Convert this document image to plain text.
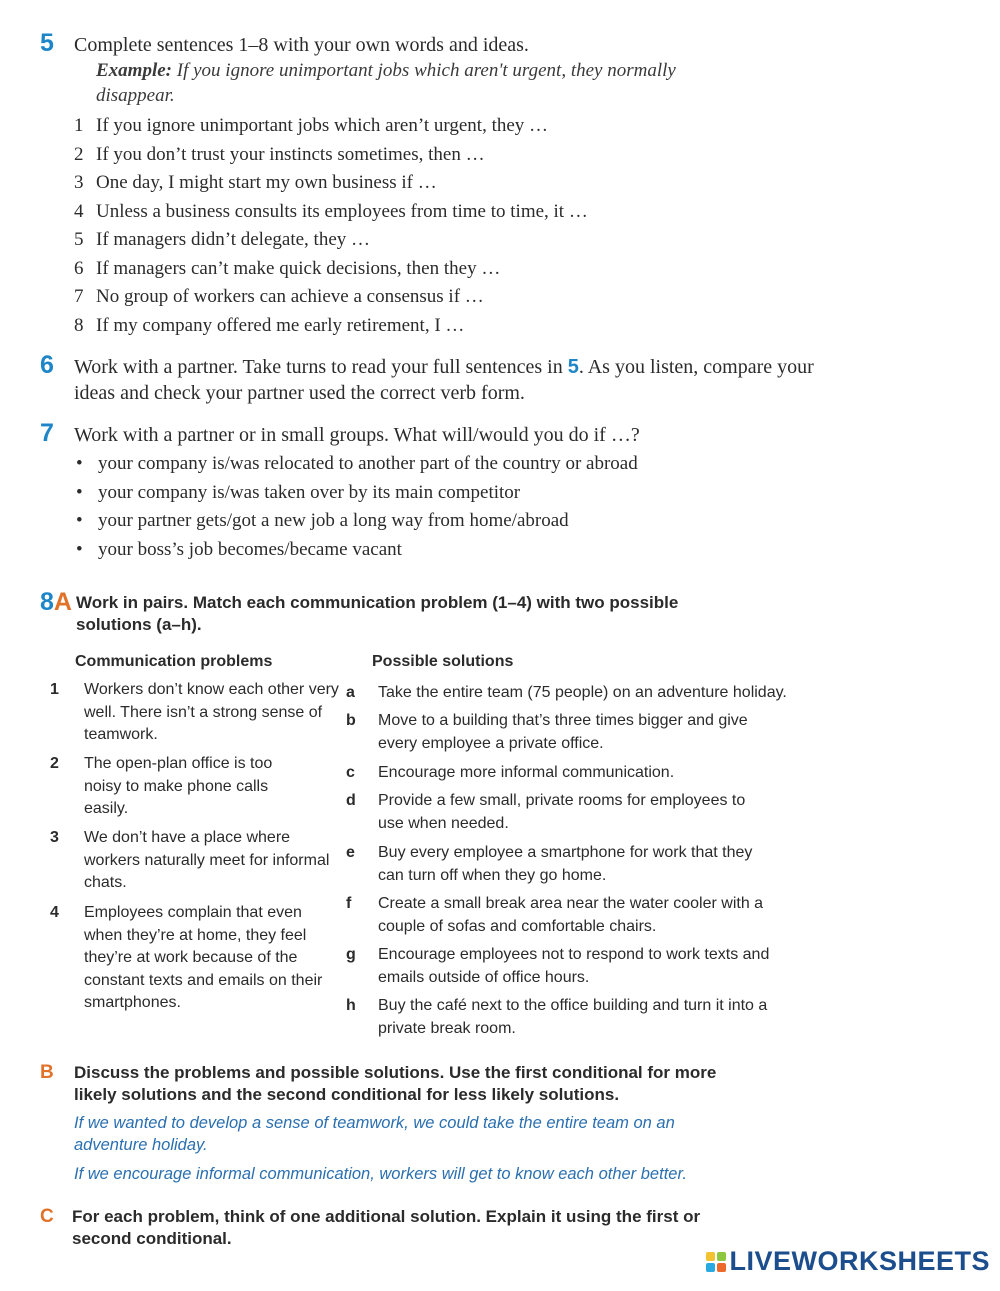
5 Complete sentences 1–8 with your own words and ideas.
Example: If you ignore unimportant jobs which aren't urgent, they normally disappear.
1 If you ignore unimportant jobs which aren’t urgent, they …
2 If you don’t trust your instincts sometimes, then …
3 One day, I might start my own business if …
4 Unless a business consults its employees from time to time, it …
5 If managers didn’t delegate, they …
6 If managers can’t make quick decisions, then they …
7 No group of workers can achieve a consensus if …
8 If my company offered me early retirement, I …
6 Work with a partner. Take turns to read your full sentences in 5. As you listen, compare your ideas and check your partner used the correct verb form.
7 Work with a partner or in small groups. What will/would you do if …?
• your company is/was relocated to another part of the country or abroad
• your company is/was taken over by its main competitor
• your partner gets/got a new job a long way from home/abroad
• your boss’s job becomes/became vacant
8A Work in pairs. Match each communication problem (1–4) with two possible solutions (a–h).
Communication problems	Possible solutions
1 Workers don’t know each other very well. There isn’t a strong sense of teamwork.
2 The open-plan office is too noisy to make phone calls easily.
3 We don’t have a place where workers naturally meet for informal chats.
4 Employees complain that even when they’re at home, they feel they’re at work because of the constant texts and emails on their smartphones.
a Take the entire team (75 people) on an adventure holiday.
b Move to a building that’s three times bigger and give every employee a private office.
c Encourage more informal communication.
d Provide a few small, private rooms for employees to use when needed.
e Buy every employee a smartphone for work that they can turn off when they go home.
f Create a small break area near the water cooler with a couple of sofas and comfortable chairs.
g Encourage employees not to respond to work texts and emails outside of office hours.
h Buy the café next to the office building and turn it into a private break room.
B Discuss the problems and possible solutions. Use the first conditional for more likely solutions and the second conditional for less likely solutions.
If we wanted to develop a sense of teamwork, we could take the entire team on an adventure holiday.
If we encourage informal communication, workers will get to know each other better.
C For each problem, think of one additional solution. Explain it using the first or second conditional.
LIVEWORKSHEETS
